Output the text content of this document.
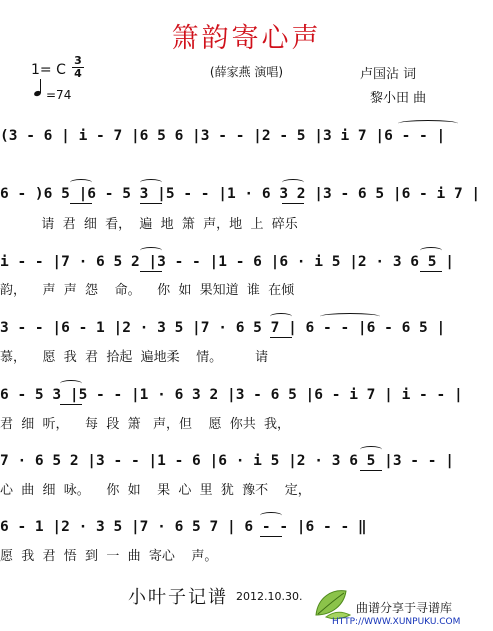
箫韵寄心声
(薛家燕 演唱)
1= C
3
4
=74
卢国沾 词
黎小田 曲
(3 - 6 | i - 7 |6 5 6 |3 - - |2 - 5 |3 i 7 |6 - - |
6 - )6 5 |6 - 5 3 |5 - - |1 · 6 3 2 |3 - 6 5 |6 - i 7 |
请  君  细  看，  遍  地  箫  声，地  上  碎乐
i - - |7 · 6 5 2 |3 - - |1 - 6 |6 · i 5 |2 · 3 6 5 |
韵，    声  声  怨    命。    你  如  果知道  谁  在倾
3 - - |6 - 1 |2 · 3 5 |7 · 6 5 7 | 6 - - |6 - 6 5 |
慕，    愿  我  君  拾起  遍地柔    情。        请
6 - 5 3 |5 - - |1 · 6 3 2 |3 - 6 5 |6 - i 7 | i - - |
君  细  听，    每  段  箫   声，但    愿  你共  我，
7 · 6 5 2 |3 - - |1 - 6 |6 · i 5 |2 · 3 6 5 |3 - - |
心  曲  细  咏。    你  如    果  心  里  犹  豫不    定，
6 - 1 |2 · 3 5 |7 · 6 5 7 | 6 - - |6 - - ‖
愿  我  君  悟  到  一  曲  寄心    声。
小叶子记谱 2012.10.30.

曲谱分享于寻谱库
HTTP://WWW.XUNPUKU.COM
